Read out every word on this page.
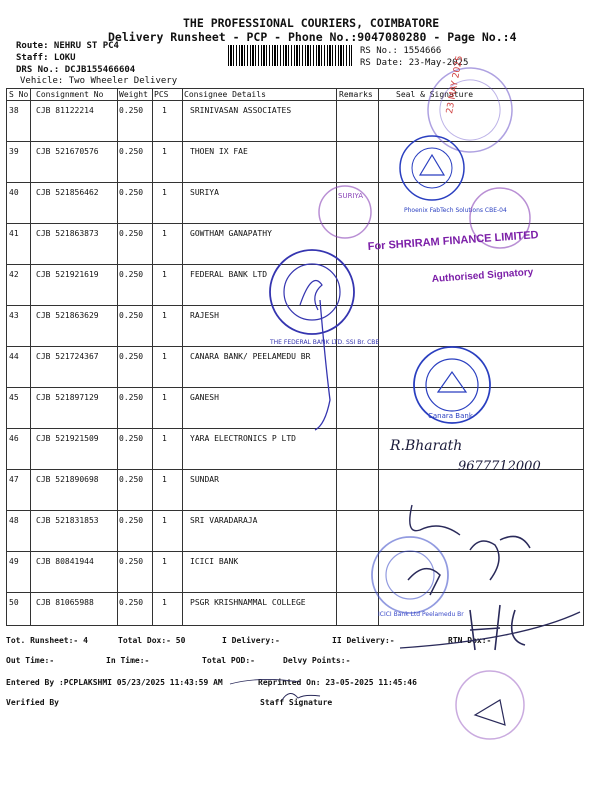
THE PROFESSIONAL COURIERS, COIMBATORE
Delivery Runsheet - PCP - Phone No.:9047080280 - Page No.:4
Route: NEHRU ST PC4
Staff: LOKU
DRS No.: DCJB155466604
Vehicle: Two Wheeler Delivery
RS No.: 1554666
RS Date: 23-May-2025
S No Consignment No Weight PCS Consignee Details	Remarks	Seal & Signature
38 CJB 81122214	0.250 1	SRINIVASAN ASSOCIATES
39 CJB 521670576	0.250 1	THOEN IX FAE
40 CJB 521856462	0.250 1	SURIYA
41 CJB 521863873	0.250 1	GOWTHAM GANAPATHY
42 CJB 521921619	0.250 1	FEDERAL BANK LTD
43 CJB 521863629	0.250 1	RAJESH
44 CJB 521724367	0.250 1	CANARA BANK/ PEELAMEDU BR
45 CJB 521897129	0.250 1	GANESH
46 CJB 521921509	0.250 1	YARA ELECTRONICS P LTD
47 CJB 521890698	0.250 1	SUNDAR
48 CJB 521831853	0.250 1	SRI VARADARAJA
49 CJB 80841944	0.250 1	ICICI BANK
50 CJB 81065988	0.250 1	PSGR KRISHNAMMAL COLLEGE
Tot. Runsheet:- 4	Total Dox:- 50	I Delivery:-	II Delivery:-	RTN Dox:-
Out Time:-	In Time:-	Total POD:-	Delvy Points:-
Entered By :PCPLAKSHMI 05/23/2025 11:43:59 AM	Reprinted On: 23-05-2025 11:45:46
Verified By	Staff Signature
23 MAY 2025
Phoenix FabTech Solutions CBE-04
SURIYA
For SHRIRAM FINANCE LIMITED
Authorised Signatory
THE FEDERAL BANK LTD. SSI Br. CBE
Canara Bank
R.Bharath
9677712000
ICICI Bank Ltd Peelamedu Br
